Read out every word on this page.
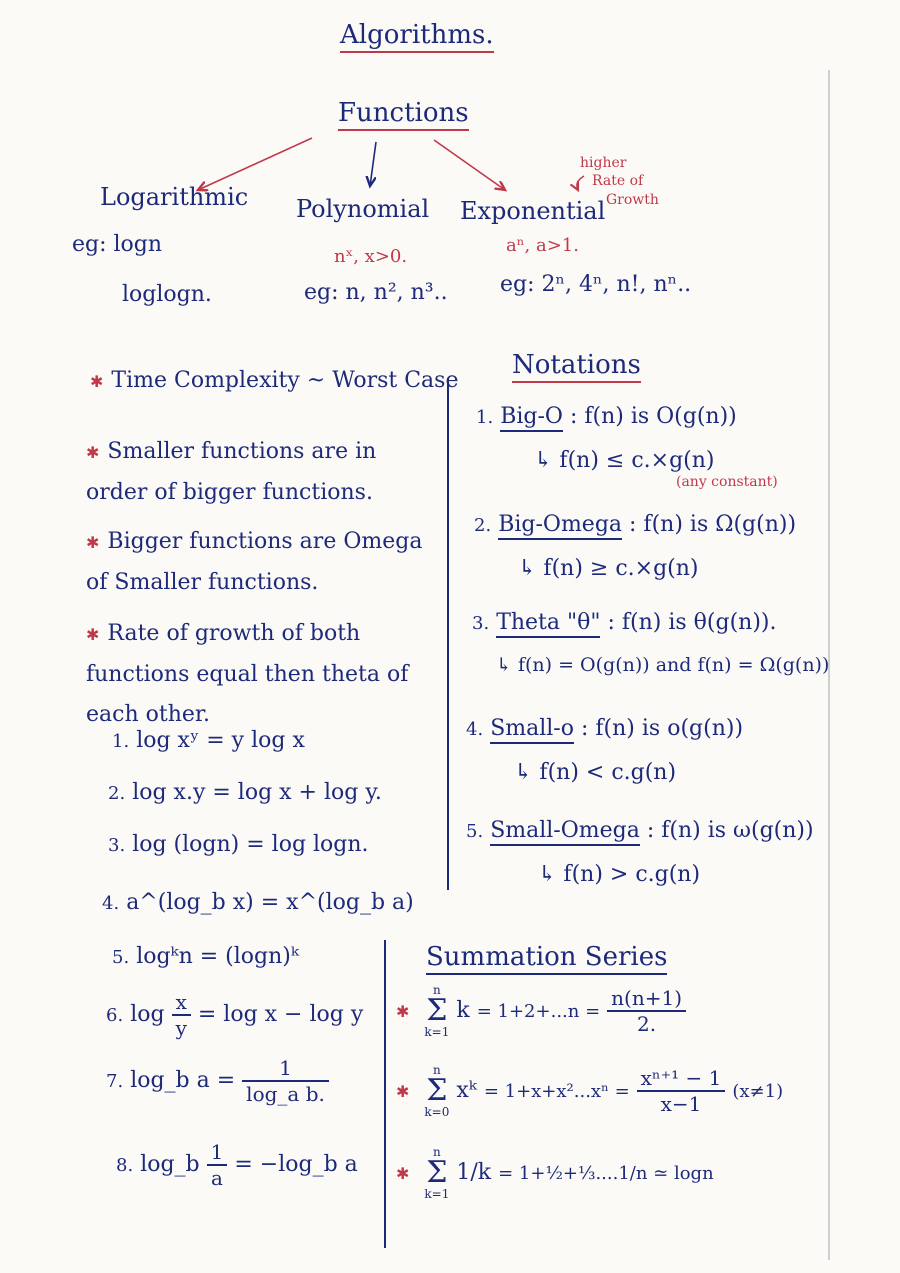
Algorithms.
Functions
Logarithmic
eg: logn
loglogn.
Polynomial
nˣ, x>0.
eg: n, n², n³..
higher
Rate of
Growth
Exponential
aⁿ, a>1.
eg: 2ⁿ, 4ⁿ, n!, nⁿ..
✱ Time Complexity ~ Worst Case
✱ Smaller functions are in order of bigger functions.
✱ Bigger functions are Omega of Smaller functions.
✱ Rate of growth of both functions equal then theta of each other.
1. log xʸ = y log x
2. log x.y = log x + log y.
3. log (logn) = log logn.
4. a^(log_b x) = x^(log_b a)
Notations
1. Big-O : f(n) is O(g(n))
↳ f(n) ≤ c.×g(n)
(any constant)
2. Big-Omega : f(n) is Ω(g(n))
↳ f(n) ≥ c.×g(n)
3. Theta "θ" : f(n) is θ(g(n)).
↳ f(n) = O(g(n)) and f(n) = Ω(g(n))
4. Small-o : f(n) is o(g(n))
↳ f(n) < c.g(n)
5. Small-Omega : f(n) is ω(g(n))
↳ f(n) > c.g(n)
5. logᵏn = (logn)ᵏ
6. $\log \frac{x}{y} = \log x - \log y$
7. log_b $a = \frac{1}{\text{log\_a b.}}$
8. log_b $\frac{1}{a}$ = −log_b a
Summation Series
✱
n
Σ
k=1
$k = 1+2+...n = \frac{n(n+1)}{2.}$
✱
n
Σ
k=0
xᵏ = $1+x+x^2...x^n = \frac{\text{xⁿ⁺¹ − 1}}{x-1} (x\ne 1)$
✱
n
Σ
k=1
1/k = 1+½+⅓....1/n ≃ logn
